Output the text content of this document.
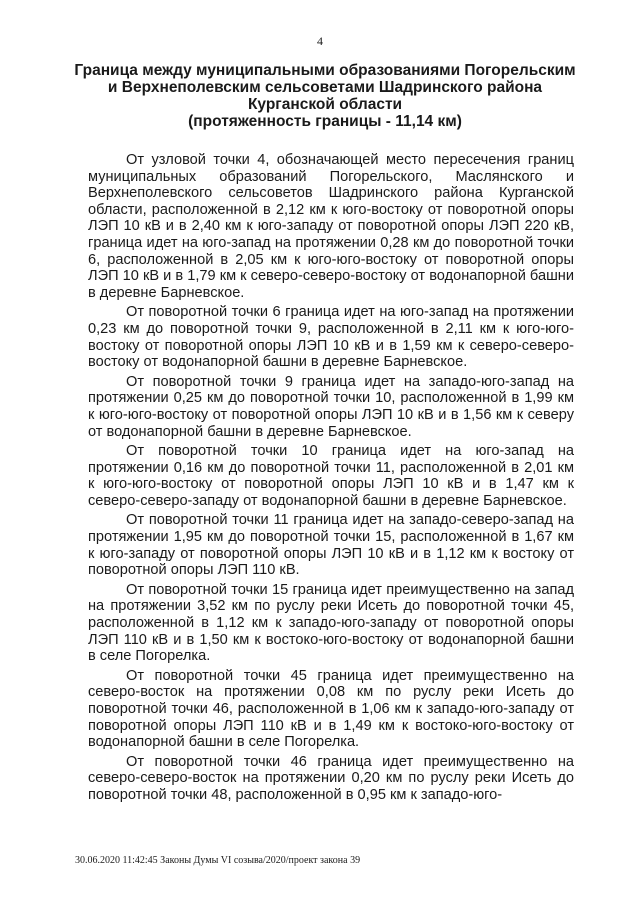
4
Граница между муниципальными образованиями Погорельским
и Верхнеполевским сельсоветами Шадринского района
Курганской области
(протяженность границы - 11,14 км)

От узловой точки 4, обозначающей место пересечения границ муниципальных образований Погорельского, Маслянского и Верхнеполевского сельсоветов Шадринского района Курганской области, расположенной в 2,12 км к юго-востоку от поворотной опоры ЛЭП 10 кВ и в 2,40 км к юго-западу от поворотной опоры ЛЭП 220 кВ, граница идет на юго-запад на протяжении 0,28 км до поворотной точки 6, расположенной в 2,05 км к юго-юго-востоку от поворотной опоры ЛЭП 10 кВ и в 1,79 км к северо-северо-востоку от водонапорной башни в деревне Барневское.

От поворотной точки 6 граница идет на юго-запад на протяжении 0,23 км до поворотной точки 9, расположенной в 2,11 км к юго-юго-востоку от поворотной опоры ЛЭП 10 кВ и в 1,59 км к северо-северо-востоку от водонапорной башни в деревне Барневское.

От поворотной точки 9 граница идет на западо-юго-запад на протяжении 0,25 км до поворотной точки 10, расположенной в 1,99 км к юго-юго-востоку от поворотной опоры ЛЭП 10 кВ и в 1,56 км к северу от водонапорной башни в деревне Барневское.

От поворотной точки 10 граница идет на юго-запад на протяжении 0,16 км до поворотной точки 11, расположенной в 2,01 км к юго-юго-востоку от поворотной опоры ЛЭП 10 кВ и в 1,47 км к северо-северо-западу от водонапорной башни в деревне Барневское.

От поворотной точки 11 граница идет на западо-северо-запад на протяжении 1,95 км до поворотной точки 15, расположенной в 1,67 км к юго-западу от поворотной опоры ЛЭП 10 кВ и в 1,12 км к востоку от поворотной опоры ЛЭП 110 кВ.

От поворотной точки 15 граница идет преимущественно на запад на протяжении 3,52 км по руслу реки Исеть до поворотной точки 45, расположенной в 1,12 км к западо-юго-западу от поворотной опоры ЛЭП 110 кВ и в 1,50 км к востоко-юго-востоку от водонапорной башни в селе Погорелка.

От поворотной точки 45 граница идет преимущественно на северо-восток на протяжении 0,08 км по руслу реки Исеть до поворотной точки 46, расположенной в 1,06 км к западо-юго-западу от поворотной опоры ЛЭП 110 кВ и в 1,49 км к востоко-юго-востоку от водонапорной башни в селе Погорелка.

От поворотной точки 46 граница идет преимущественно на северо-северо-восток на протяжении 0,20 км по руслу реки Исеть до поворотной точки 48, расположенной в 0,95 км к западо-юго-

30.06.2020 11:42:45 Законы Думы VI созыва/2020/проект закона 39
